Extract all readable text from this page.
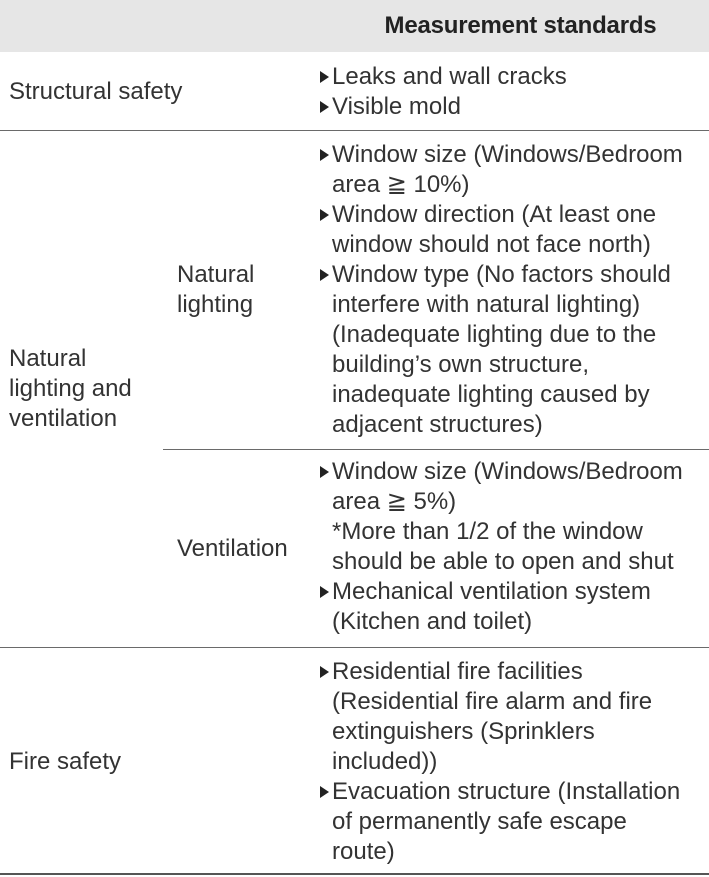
Measurement standards
Structural safety
Leaks and wall cracks
Visible mold
Natural
lighting and
ventilation
Natural
lighting
Window size (Windows/Bedroom
area ≧ 10%)
Window direction (At least one
window should not face north)
Window type (No factors should
interfere with natural lighting)
(Inadequate lighting due to the
building’s own structure,
inadequate lighting caused by
adjacent structures)
Ventilation
Window size (Windows/Bedroom
area ≧ 5%)
*More than 1/2 of the window
should be able to open and shut
Mechanical ventilation system
(Kitchen and toilet)
Fire safety
Residential fire facilities
(Residential fire alarm and fire
extinguishers (Sprinklers
included))
Evacuation structure (Installation
of permanently safe escape
route)
